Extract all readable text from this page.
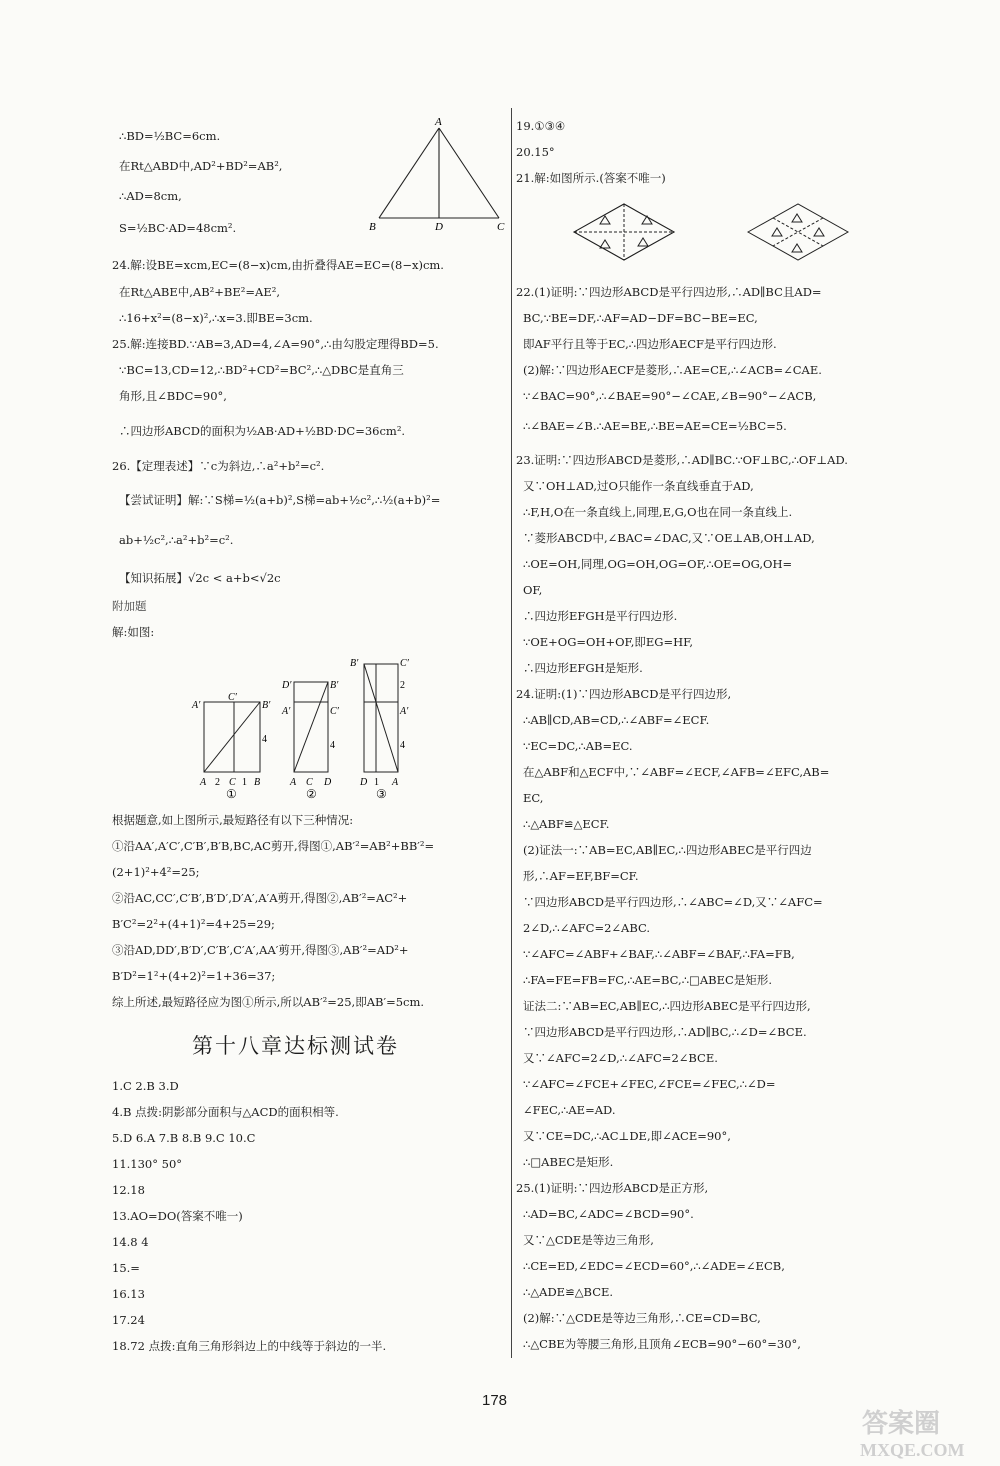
∴BD=½BC=6cm.
在Rt△ABD中,AD²+BD²=AB²,
∴AD=8cm,
S=½BC·AD=48cm².
A
B	D	C
24.解:设BE=xcm,EC=(8−x)cm,由折叠得AE=EC=(8−x)cm.
在Rt△ABE中,AB²+BE²=AE²,
∴16+x²=(8−x)²,∴x=3.即BE=3cm.
25.解:连接BD.∵AB=3,AD=4,∠A=90°,∴由勾股定理得BD=5.
∵BC=13,CD=12,∴BD²+CD²=BC²,∴△DBC是直角三
角形,且∠BDC=90°,
∴四边形ABCD的面积为½AB·AD+½BD·DC=36cm².
26.【定理表述】∵c为斜边,∴a²+b²=c².
【尝试证明】解:∵S梯=½(a+b)²,S梯=ab+½c²,∴½(a+b)²=
ab+½c²,∴a²+b²=c².
【知识拓展】√2c < a+b<√2c
附加题
解:如图:
A′
C′
B′
4
A 2 C 1 B
①
D′	B′
A′	C′
4
A C D
②
B′	C′
2
A′
4
D 1 A
③
根据题意,如上图所示,最短路径有以下三种情况:
①沿AA′,A′C′,C′B′,B′B,BC,AC剪开,得图①,AB′²=AB²+BB′²=
(2+1)²+4²=25;
②沿AC,CC′,C′B′,B′D′,D′A′,A′A剪开,得图②,AB′²=AC²+
B′C²=2²+(4+1)²=4+25=29;
③沿AD,DD′,B′D′,C′B′,C′A′,AA′剪开,得图③,AB′²=AD²+
B′D²=1²+(4+2)²=1+36=37;
综上所述,最短路径应为图①所示,所以AB′²=25,即AB′=5cm.
第十八章达标测试卷
1.C 2.B 3.D
4.B 点拨:阴影部分面积与△ACD的面积相等.
5.D 6.A 7.B 8.B 9.C 10.C
11.130° 50°
12.18
13.AO=DO(答案不唯一)
14.8 4
15.=
16.13
17.24
18.72 点拨:直角三角形斜边上的中线等于斜边的一半.
19.①③④
20.15°
21.解:如图所示.(答案不唯一)
22.(1)证明:∵四边形ABCD是平行四边形,∴AD∥BC且AD=
BC,∵BE=DF,∴AF=AD−DF=BC−BE=EC,
即AF平行且等于EC,∴四边形AECF是平行四边形.
(2)解:∵四边形AECF是菱形,∴AE=CE,∴∠ACB=∠CAE.
∵∠BAC=90°,∴∠BAE=90°−∠CAE,∠B=90°−∠ACB,
∴∠BAE=∠B.∴AE=BE,∴BE=AE=CE=½BC=5.
23.证明:∵四边形ABCD是菱形,∴AD∥BC.∵OF⊥BC,∴OF⊥AD.
又∵OH⊥AD,过O只能作一条直线垂直于AD,
∴F,H,O在一条直线上,同理,E,G,O也在同一条直线上.
∵菱形ABCD中,∠BAC=∠DAC,又∵OE⊥AB,OH⊥AD,
∴OE=OH,同理,OG=OH,OG=OF,∴OE=OG,OH=
OF,
∴四边形EFGH是平行四边形.
∵OE+OG=OH+OF,即EG=HF,
∴四边形EFGH是矩形.
24.证明:(1)∵四边形ABCD是平行四边形,
∴AB∥CD,AB=CD,∴∠ABF=∠ECF.
∵EC=DC,∴AB=EC.
在△ABF和△ECF中,∵∠ABF=∠ECF,∠AFB=∠EFC,AB=
EC,
∴△ABF≌△ECF.
(2)证法一:∵AB=EC,AB∥EC,∴四边形ABEC是平行四边
形,∴AF=EF,BF=CF.
∵四边形ABCD是平行四边形,∴∠ABC=∠D,又∵∠AFC=
2∠D,∴∠AFC=2∠ABC.
∵∠AFC=∠ABF+∠BAF,∴∠ABF=∠BAF,∴FA=FB,
∴FA=FE=FB=FC,∴AE=BC,∴□ABEC是矩形.
证法二:∵AB=EC,AB∥EC,∴四边形ABEC是平行四边形,
∵四边形ABCD是平行四边形,∴AD∥BC,∴∠D=∠BCE.
又∵∠AFC=2∠D,∴∠AFC=2∠BCE.
∵∠AFC=∠FCE+∠FEC,∠FCE=∠FEC,∴∠D=
∠FEC,∴AE=AD.
又∵CE=DC,∴AC⊥DE,即∠ACE=90°,
∴□ABEC是矩形.
25.(1)证明:∵四边形ABCD是正方形,
∴AD=BC,∠ADC=∠BCD=90°.
又∵△CDE是等边三角形,
∴CE=ED,∠EDC=∠ECD=60°,∴∠ADE=∠ECB,
∴△ADE≌△BCE.
(2)解:∵△CDE是等边三角形,∴CE=CD=BC,
∴△CBE为等腰三角形,且顶角∠ECB=90°−60°=30°,
178
答案圈
MXQE.COM
